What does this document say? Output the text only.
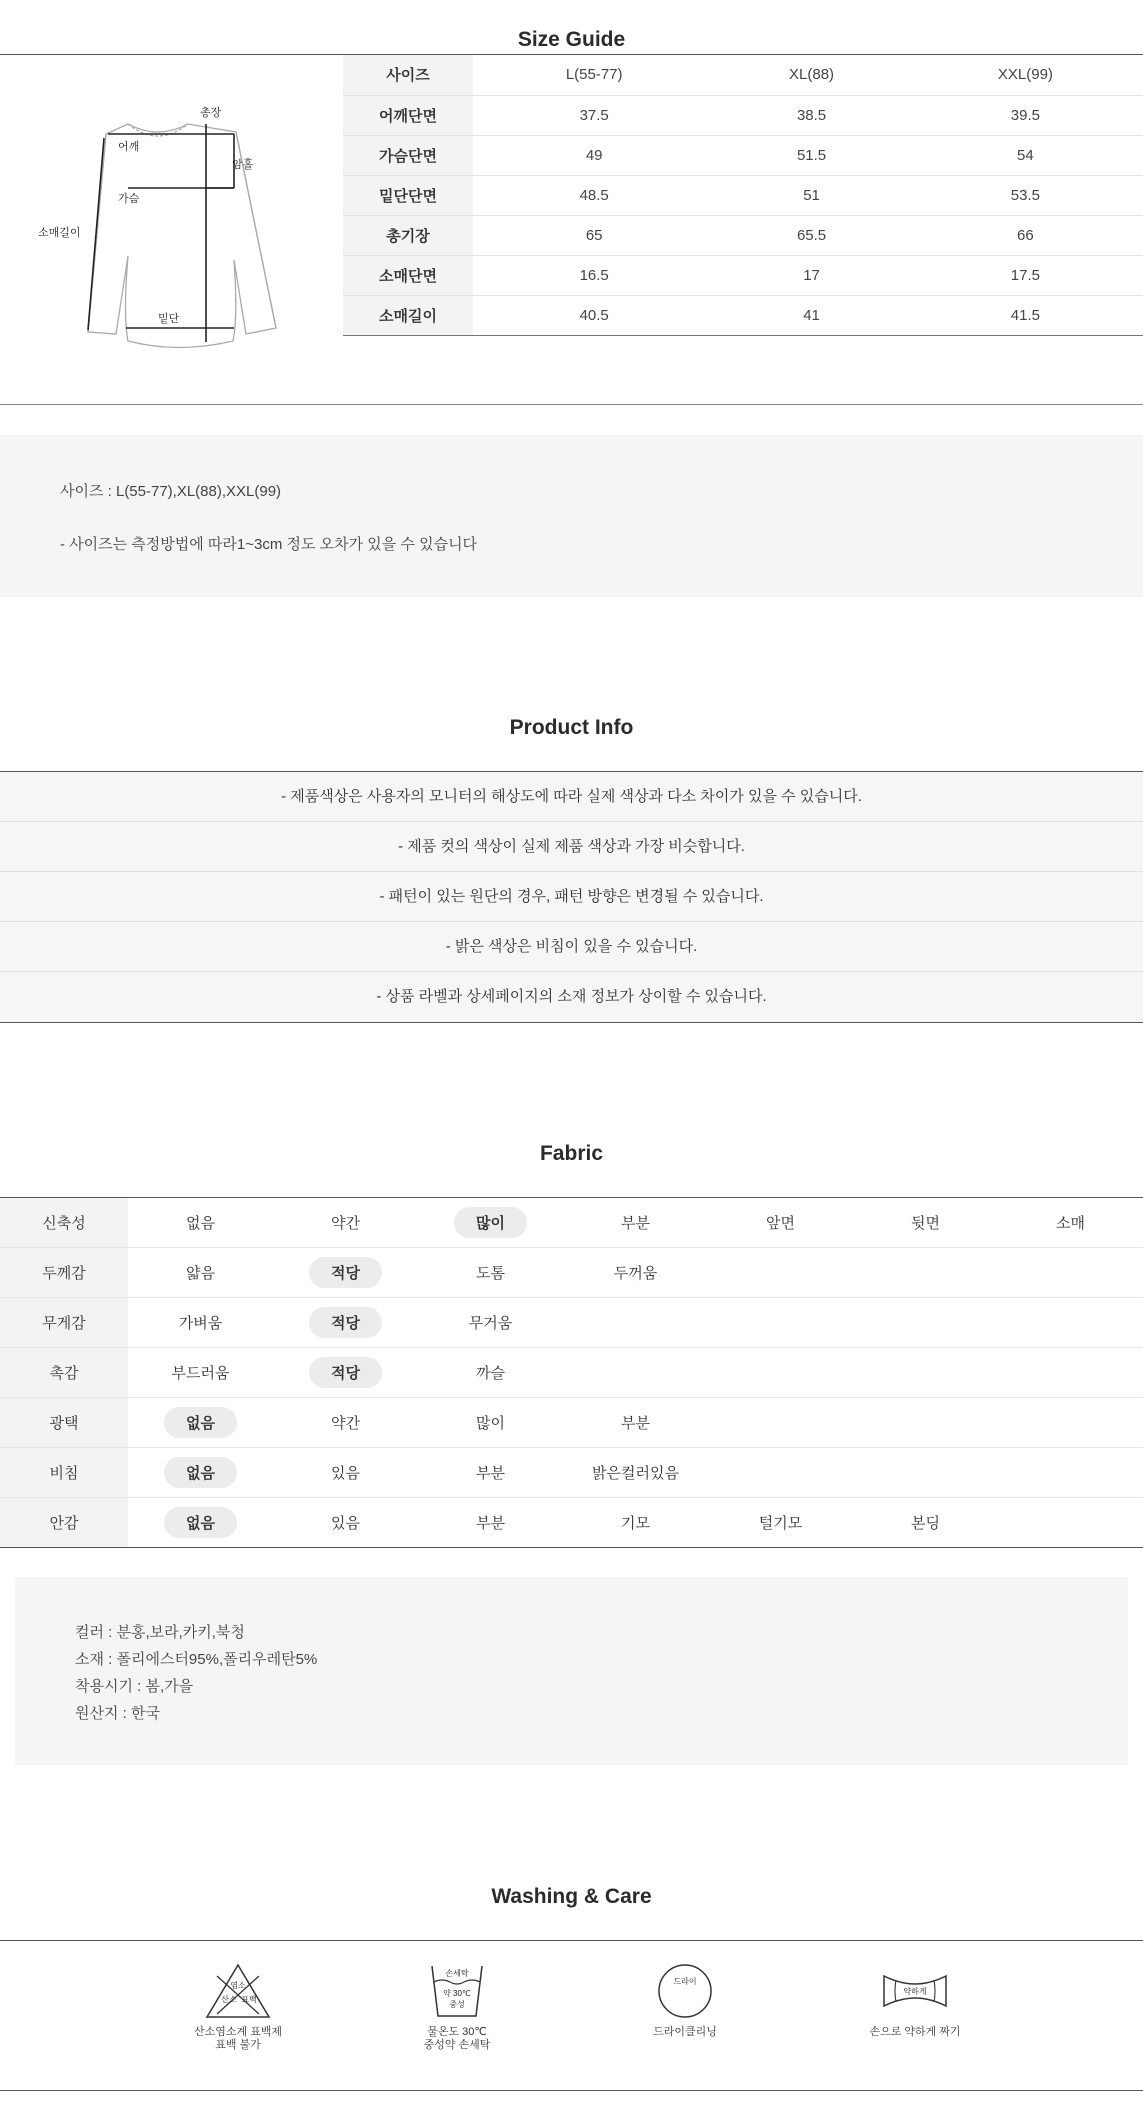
Size Guide
총장
어깨
암홀
가슴
소매길이
밑단
사이즈	L(55-77)	XL(88)	XXL(99)
어깨단면	37.5	38.5	39.5
가슴단면	49	51.5	54
밑단단면	48.5	51	53.5
총기장	65	65.5	66
소매단면	16.5	17	17.5
소매길이	40.5	41	41.5
사이즈 : L(55-77),XL(88),XXL(99)
- 사이즈는 측정방법에 따라1~3cm 정도 오차가 있을 수 있습니다
Product Info
- 제품색상은 사용자의 모니터의 해상도에 따라 실제 색상과 다소 차이가 있을 수 있습니다.
- 제품 컷의 색상이 실제 제품 색상과 가장 비슷합니다.
- 패턴이 있는 원단의 경우, 패턴 방향은 변경될 수 있습니다.
- 밝은 색상은 비침이 있을 수 있습니다.
- 상품 라벨과 상세페이지의 소재 정보가 상이할 수 있습니다.
Fabric
신축성	없음	약간	많이	부분	앞면	뒷면	소매
두께감	얇음	적당	도톰	두꺼움			
무게감	가벼움	적당	무거움				
촉감	부드러움	적당	까슬				
광택	없음	약간	많이	부분			
비침	없음	있음	부분	밝은컬러있음			
안감	없음	있음	부분	기모	털기모	본딩	
컬러 : 분홍,보라,카키,북청
소재 : 폴리에스터95%,폴리우레탄5%
착용시기 : 봄,가을
원산지 : 한국
Washing & Care
염소
산소 표백
산소염소계 표백제
표백 불가
손세탁
약 30℃
중성
물온도 30℃
중성약 손세탁
드라이
드라이클리닝
약하게
손으로 약하게 짜기
